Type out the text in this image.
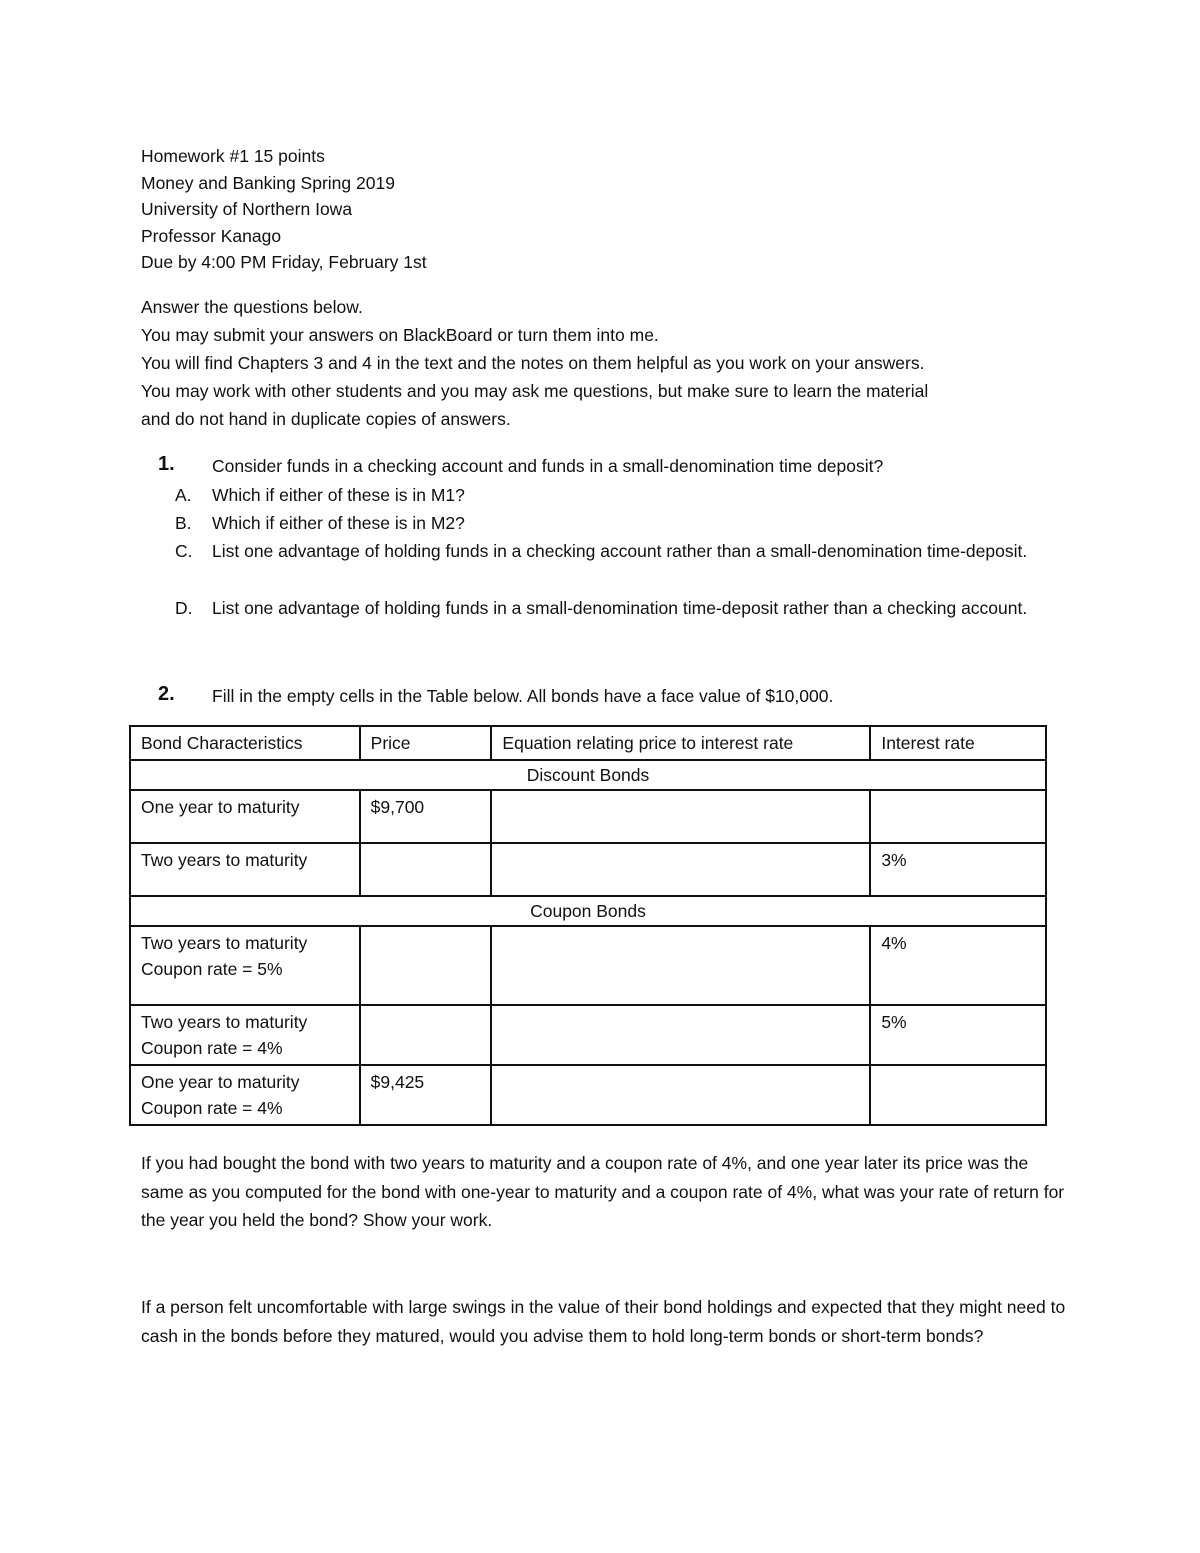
Homework #1 15 points
Money and Banking Spring 2019
University of Northern Iowa
Professor Kanago
Due by 4:00 PM Friday, February 1st
Answer the questions below.
You may submit your answers on BlackBoard or turn them into me.
You will find Chapters 3 and 4 in the text and the notes on them helpful as you work on your answers.
You may work with other students and you may ask me questions, but make sure to learn the material
and do not hand in duplicate copies of answers.
1. Consider funds in a checking account and funds in a small-denomination time deposit?
A. Which if either of these is in M1?
B. Which if either of these is in M2?
C. List one advantage of holding funds in a checking account rather than a small-denomination time-deposit.
D. List one advantage of holding funds in a small-denomination time-deposit rather than a checking account.
2. Fill in the empty cells in the Table below. All bonds have a face value of $10,000.
Bond Characteristics	Price	Equation relating price to interest rate	Interest rate
Discount Bonds			
One year to maturity	$9,700		
Two years to maturity			3%
Coupon Bonds			

Two years to maturity
Coupon rate = 5%			4%

Two years to maturity
Coupon rate = 4%			5%

One year to maturity
Coupon rate = 4%	$9,425		
If you had bought the bond with two years to maturity and a coupon rate of 4%, and one year later its price was the same as you computed for the bond with one-year to maturity and a coupon rate of 4%, what was your rate of return for the year you held the bond? Show your work.
If a person felt uncomfortable with large swings in the value of their bond holdings and expected that they might need to cash in the bonds before they matured, would you advise them to hold long-term bonds or short-term bonds?
